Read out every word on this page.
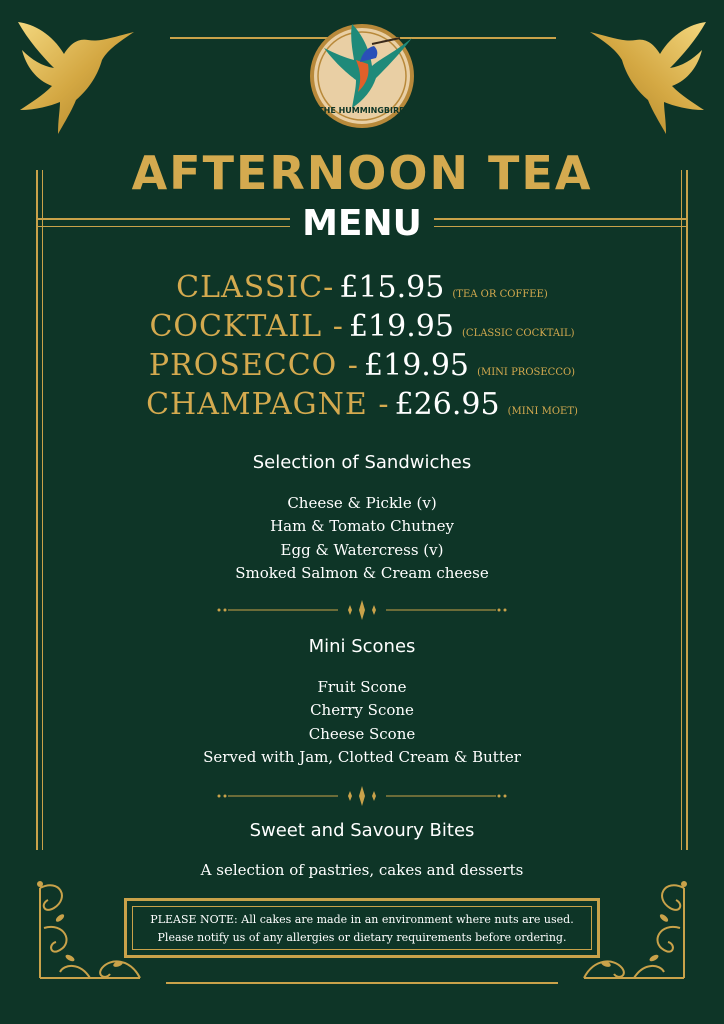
THE HUMMINGBIRD
AFTERNOON TEA
MENU
CLASSIC- £15.95 (TEA OR COFFEE)
COCKTAIL - £19.95 (CLASSIC COCKTAIL)
PROSECCO - £19.95 (MINI PROSECCO)
CHAMPAGNE - £26.95 (MINI MOET)
Selection of Sandwiches
Cheese & Pickle (v)
Ham & Tomato Chutney
Egg & Watercress (v)
Smoked Salmon & Cream cheese
Mini Scones
Fruit Scone
Cherry Scone
Cheese Scone
Served with Jam, Clotted Cream & Butter
Sweet and Savoury Bites
A selection of pastries, cakes and desserts
PLEASE NOTE: All cakes are made in an environment where nuts are used.
Please notify us of any allergies or dietary requirements before ordering.
